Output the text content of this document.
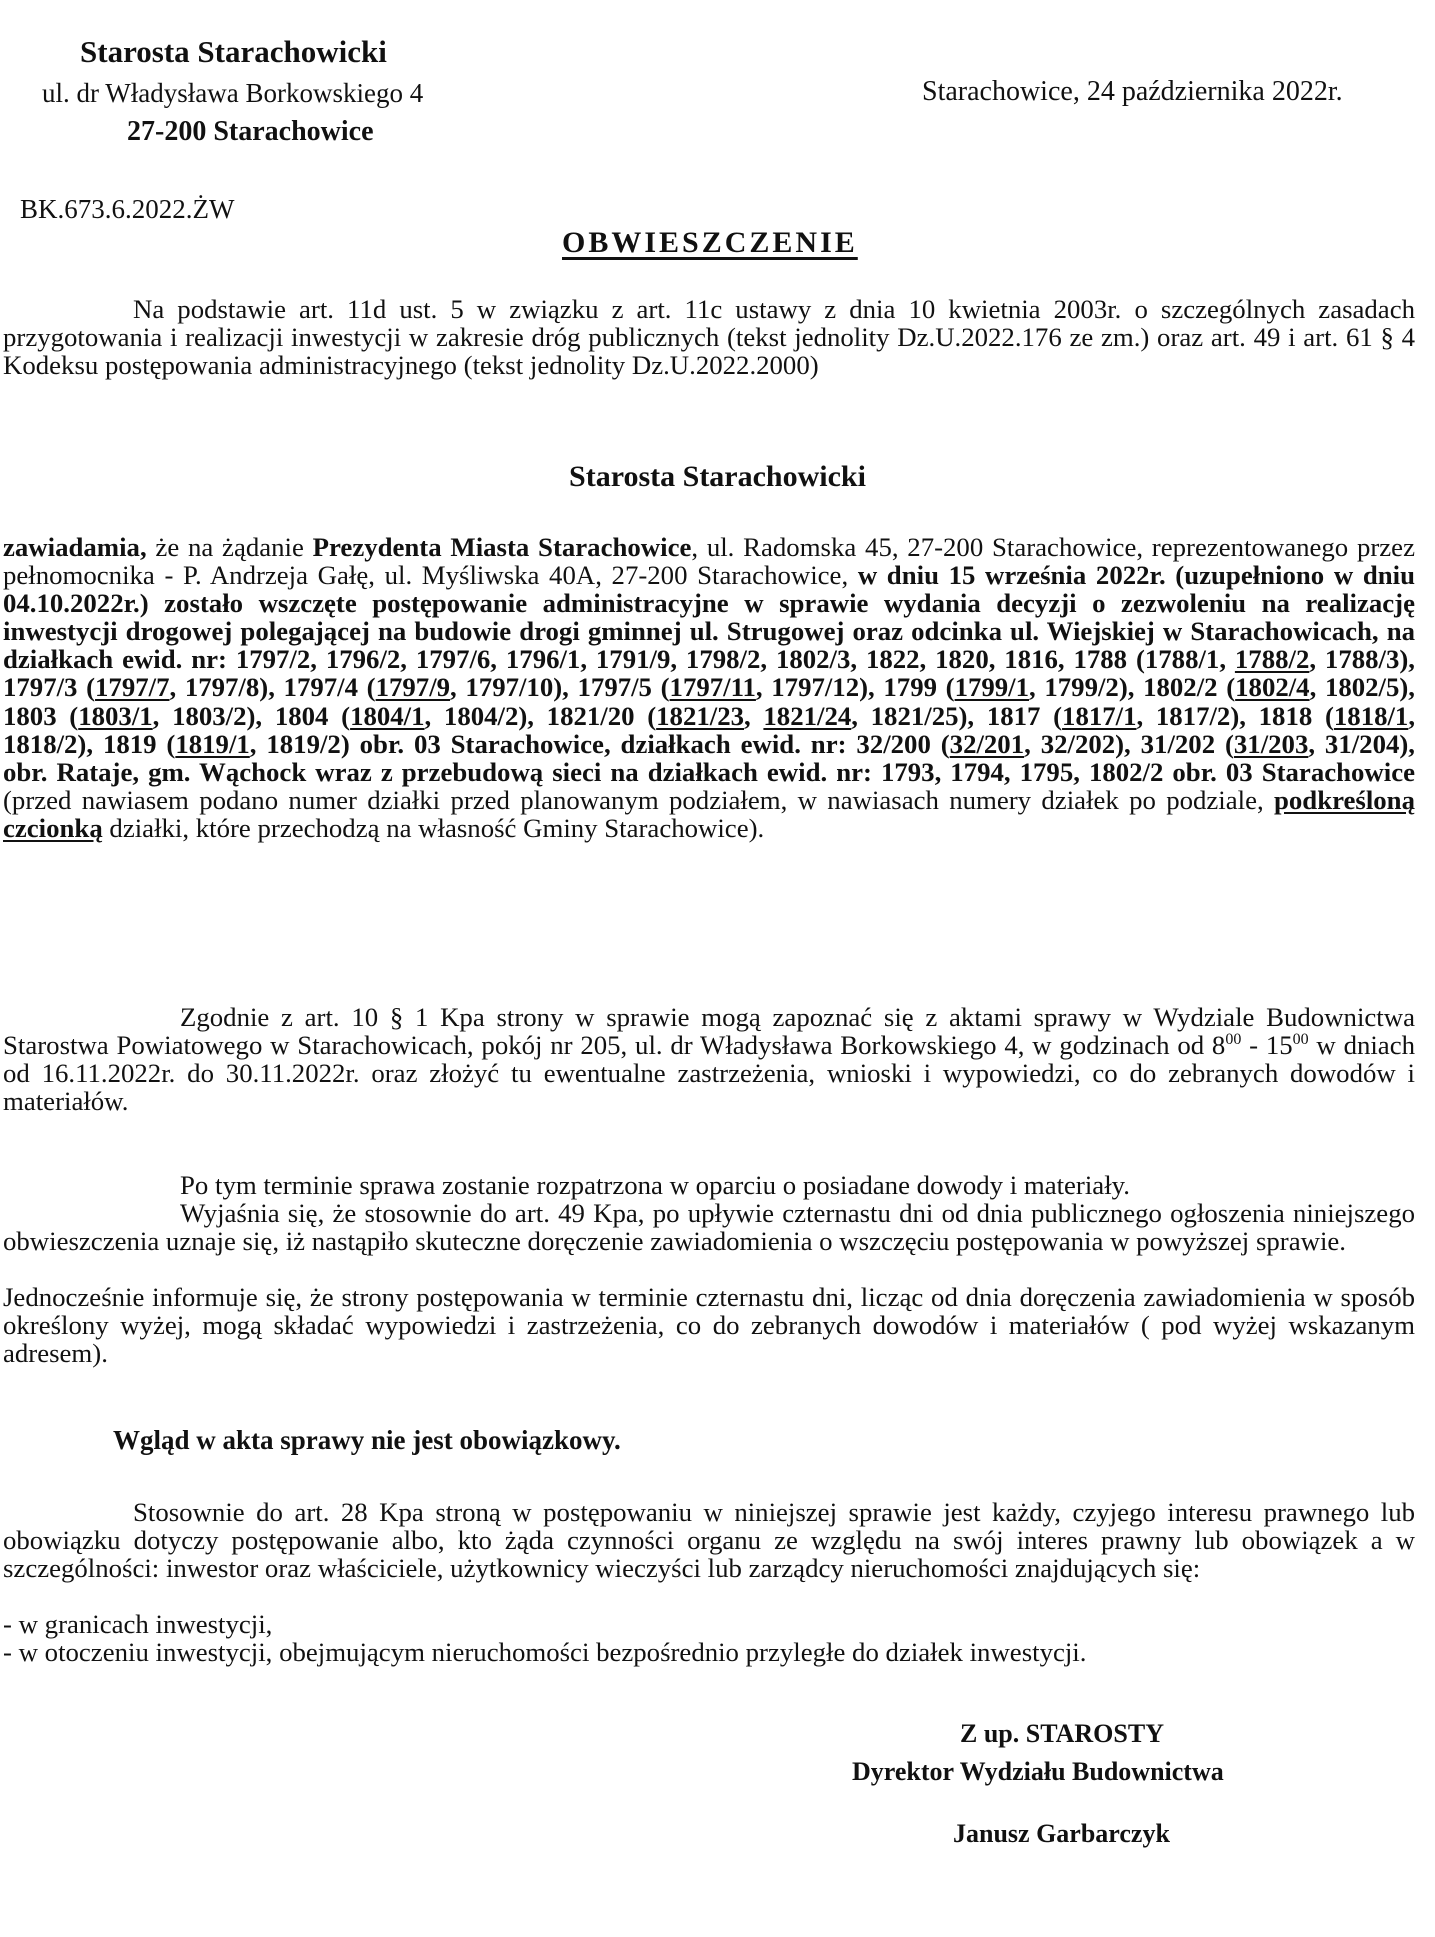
Starosta Starachowicki
ul. dr Władysława Borkowskiego 4
27-200 Starachowice
Starachowice, 24 października 2022r.
BK.673.6.2022.ŻW
OBWIESZCZENIE
Na podstawie art. 11d ust. 5 w związku z art. 11c ustawy z dnia 10 kwietnia 2003r. o szczególnych zasadach przygotowania i realizacji inwestycji w zakresie dróg publicznych (tekst jednolity Dz.U.2022.176 ze zm.) oraz art. 49 i art. 61 § 4 Kodeksu postępowania administracyjnego (tekst jednolity Dz.U.2022.2000)
Starosta Starachowicki
zawiadamia, że na żądanie Prezydenta Miasta Starachowice, ul. Radomska 45, 27-200 Starachowice, reprezentowanego przez pełnomocnika - P. Andrzeja Gałę, ul. Myśliwska 40A, 27-200 Starachowice, w dniu 15 września 2022r. (uzupełniono w dniu 04.10.2022r.) zostało wszczęte postępowanie administracyjne w sprawie wydania decyzji o zezwoleniu na realizację inwestycji drogowej polegającej na budowie drogi gminnej ul. Strugowej oraz odcinka ul. Wiejskiej w Starachowicach, na działkach ewid. nr: 1797/2, 1796/2, 1797/6, 1796/1, 1791/9, 1798/2, 1802/3, 1822, 1820, 1816, 1788 (1788/1, 1788/2, 1788/3), 1797/3 (1797/7, 1797/8), 1797/4 (1797/9, 1797/10), 1797/5 (1797/11, 1797/12), 1799 (1799/1, 1799/2), 1802/2 (1802/4, 1802/5), 1803 (1803/1, 1803/2), 1804 (1804/1, 1804/2), 1821/20 (1821/23, 1821/24, 1821/25), 1817 (1817/1, 1817/2), 1818 (1818/1, 1818/2), 1819 (1819/1, 1819/2) obr. 03 Starachowice, działkach ewid. nr: 32/200 (32/201, 32/202), 31/202 (31/203, 31/204), obr. Rataje, gm. Wąchock wraz z przebudową sieci na działkach ewid. nr: 1793, 1794, 1795, 1802/2 obr. 03 Starachowice (przed nawiasem podano numer działki przed planowanym podziałem, w nawiasach numery działek po podziale, podkreśloną czcionką działki, które przechodzą na własność Gminy Starachowice).
Zgodnie z art. 10 § 1 Kpa strony w sprawie mogą zapoznać się z aktami sprawy w Wydziale Budownictwa Starostwa Powiatowego w Starachowicach, pokój nr 205, ul. dr Władysława Borkowskiego 4, w godzinach od $8^{00} - 15^{00}$ w dniach od 16.11.2022r. do 30.11.2022r. oraz złożyć tu ewentualne zastrzeżenia, wnioski i wypowiedzi, co do zebranych dowodów i materiałów.
Po tym terminie sprawa zostanie rozpatrzona w oparciu o posiadane dowody i materiały.
Wyjaśnia się, że stosownie do art. 49 Kpa, po upływie czternastu dni od dnia publicznego ogłoszenia niniejszego obwieszczenia uznaje się, iż nastąpiło skuteczne doręczenie zawiadomienia o wszczęciu postępowania w powyższej sprawie.
Jednocześnie informuje się, że strony postępowania w terminie czternastu dni, licząc od dnia doręczenia zawiadomienia w sposób określony wyżej, mogą składać wypowiedzi i zastrzeżenia, co do zebranych dowodów i materiałów ( pod wyżej wskazanym adresem).
Wgląd w akta sprawy nie jest obowiązkowy.
Stosownie do art. 28 Kpa stroną w postępowaniu w niniejszej sprawie jest każdy, czyjego interesu prawnego lub obowiązku dotyczy postępowanie albo, kto żąda czynności organu ze względu na swój interes prawny lub obowiązek a w szczególności: inwestor oraz właściciele, użytkownicy wieczyści lub zarządcy nieruchomości znajdujących się:
- w granicach inwestycji,
- w otoczeniu inwestycji, obejmującym nieruchomości bezpośrednio przyległe do działek inwestycji.
Z up. STAROSTY
Dyrektor Wydziału Budownictwa
Janusz Garbarczyk
